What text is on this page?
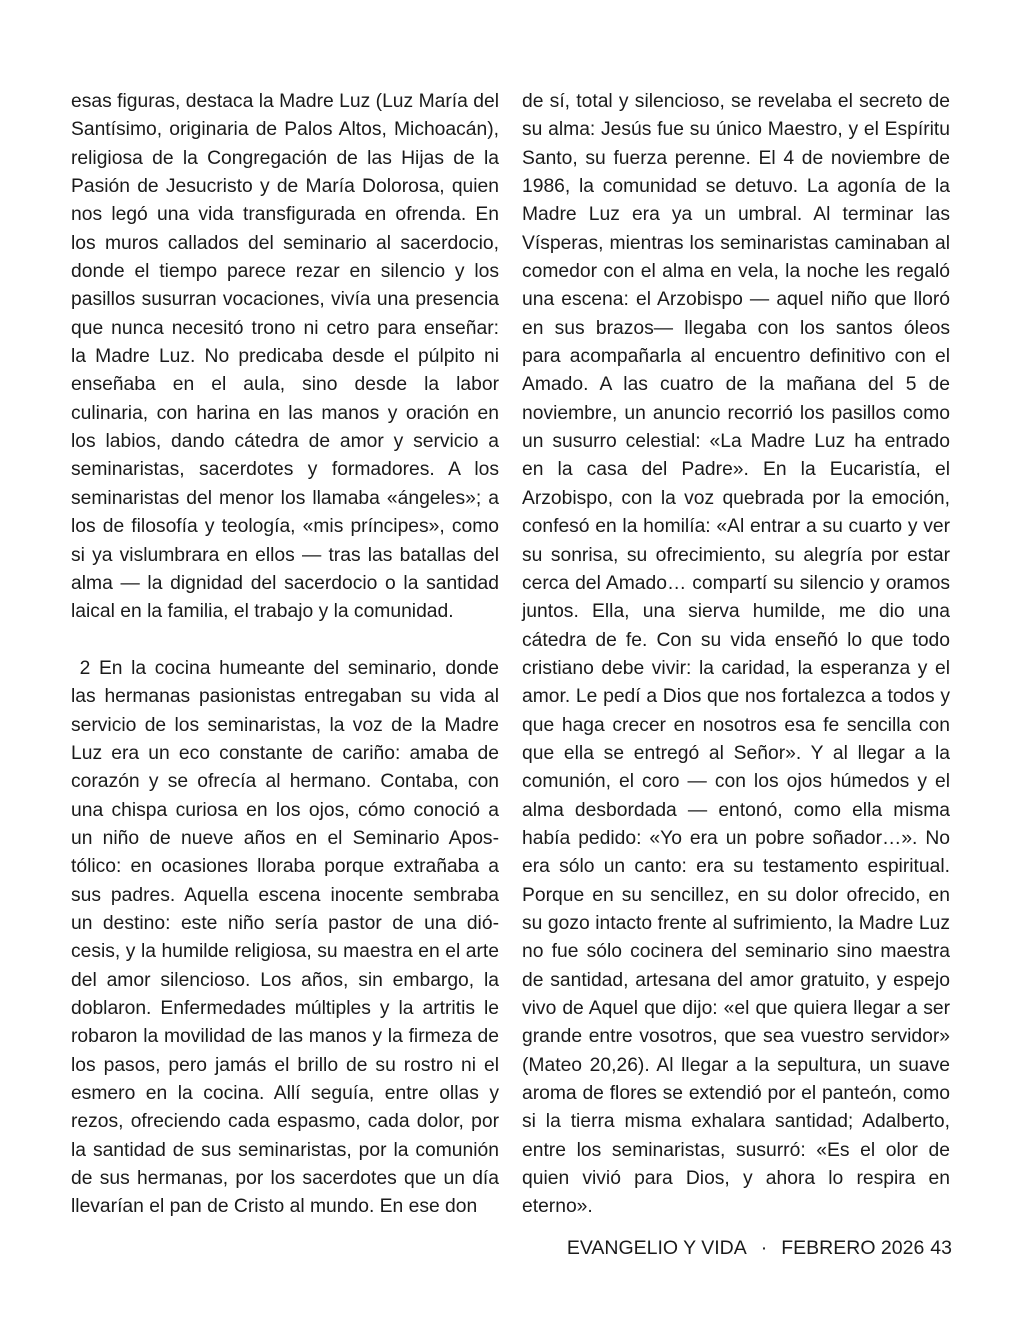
esas figuras, destaca la Madre Luz (Luz María del Santísimo, originaria de Palos Altos, Michoacán), religiosa de la Congregación de las Hijas de la Pasión de Jesucristo y de María Dolorosa, quien nos legó una vida transfigurada en ofrenda. En los muros callados del seminario al sacerdocio, donde el tiempo parece rezar en silencio y los pasillos susurran vocaciones, vivía una presencia que nunca necesitó trono ni cetro para enseñar: la Madre Luz. No predicaba desde el púlpito ni enseñaba en el aula, sino desde la labor culinaria, con harina en las manos y oración en los labios, dando cátedra de amor y servicio a seminaristas, sacerdotes y formadores. A los seminaristas del menor los llamaba «ángeles»; a los de filosofía y teología, «mis príncipes», como si ya vislumbrara en ellos — tras las batallas del alma — la dignidad del sacerdocio o la santidad laical en la familia, el trabajo y la comunidad.

2 En la cocina humeante del seminario, donde las hermanas pasionistas entregaban su vida al servicio de los seminaristas, la voz de la Madre Luz era un eco constante de cariño: amaba de corazón y se ofrecía al hermano. Contaba, con una chispa curiosa en los ojos, cómo conoció a un niño de nueve años en el Seminario Apostólico: en ocasiones lloraba porque extrañaba a sus padres. Aquella escena inocente sembraba un destino: este niño sería pastor de una diócesis, y la humilde religiosa, su maestra en el arte del amor silencioso. Los años, sin embargo, la doblaron. Enfermedades múltiples y la artritis le robaron la movilidad de las manos y la firmeza de los pasos, pero jamás el brillo de su rostro ni el esmero en la cocina. Allí seguía, entre ollas y rezos, ofreciendo cada espasmo, cada dolor, por la santidad de sus seminaristas, por la comunión de sus hermanas, por los sacerdotes que un día llevarían el pan de Cristo al mundo. En ese don

de sí, total y silencioso, se revelaba el secreto de su alma: Jesús fue su único Maestro, y el Espíritu Santo, su fuerza perenne. El 4 de noviembre de 1986, la comunidad se detuvo. La agonía de la Madre Luz era ya un umbral. Al terminar las Vísperas, mientras los seminaristas caminaban al comedor con el alma en vela, la noche les regaló una escena: el Arzobispo — aquel niño que lloró en sus brazos— llegaba con los santos óleos para acompañarla al encuentro definitivo con el Amado. A las cuatro de la mañana del 5 de noviembre, un anuncio recorrió los pasillos como un susurro celestial: «La Madre Luz ha entrado en la casa del Padre». En la Eucaristía, el Arzobispo, con la voz quebrada por la emoción, confesó en la homilía: «Al entrar a su cuarto y ver su sonrisa, su ofrecimiento, su alegría por estar cerca del Amado… compartí su silencio y oramos juntos. Ella, una sierva humilde, me dio una cátedra de fe. Con su vida enseñó lo que todo cristiano debe vivir: la caridad, la esperanza y el amor. Le pedí a Dios que nos fortalezca a todos y que haga crecer en nosotros esa fe sencilla con que ella se entregó al Señor». Y al llegar a la comunión, el coro — con los ojos húmedos y el alma desbordada — entonó, como ella misma había pedido: «Yo era un pobre soñador…». No era sólo un canto: era su testamento espiritual. Porque en su sencillez, en su dolor ofrecido, en su gozo intacto frente al sufrimiento, la Madre Luz no fue sólo cocinera del seminario sino maestra de santidad, artesana del amor gratuito, y espejo vivo de Aquel que dijo: «el que quiera llegar a ser grande entre vosotros, que sea vuestro servidor» (Mateo 20,26). Al llegar a la sepultura, un suave aroma de flores se extendió por el panteón, como si la tierra misma exhalara santidad; Adalberto, entre los seminaristas, susurró: «Es el olor de quien vivió para Dios, y ahora lo respira en eterno».

EVANGELIO Y VIDA · FEBRERO 2026 43
